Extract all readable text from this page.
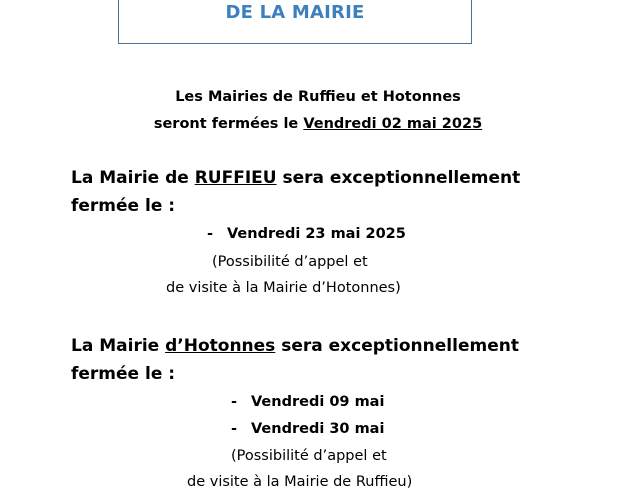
DE LA MAIRIE
Les Mairies de Ruffieu et Hotonnes
seront fermées le Vendredi 02 mai 2025
La Mairie de RUFFIEU sera exceptionnellement
fermée le :
- Vendredi 23 mai 2025
(Possibilité d’appel et
de visite à la Mairie d’Hotonnes)
La Mairie d’Hotonnes sera exceptionnellement
fermée le :
- Vendredi 09 mai
- Vendredi 30 mai
(Possibilité d’appel et
de visite à la Mairie de Ruffieu)
